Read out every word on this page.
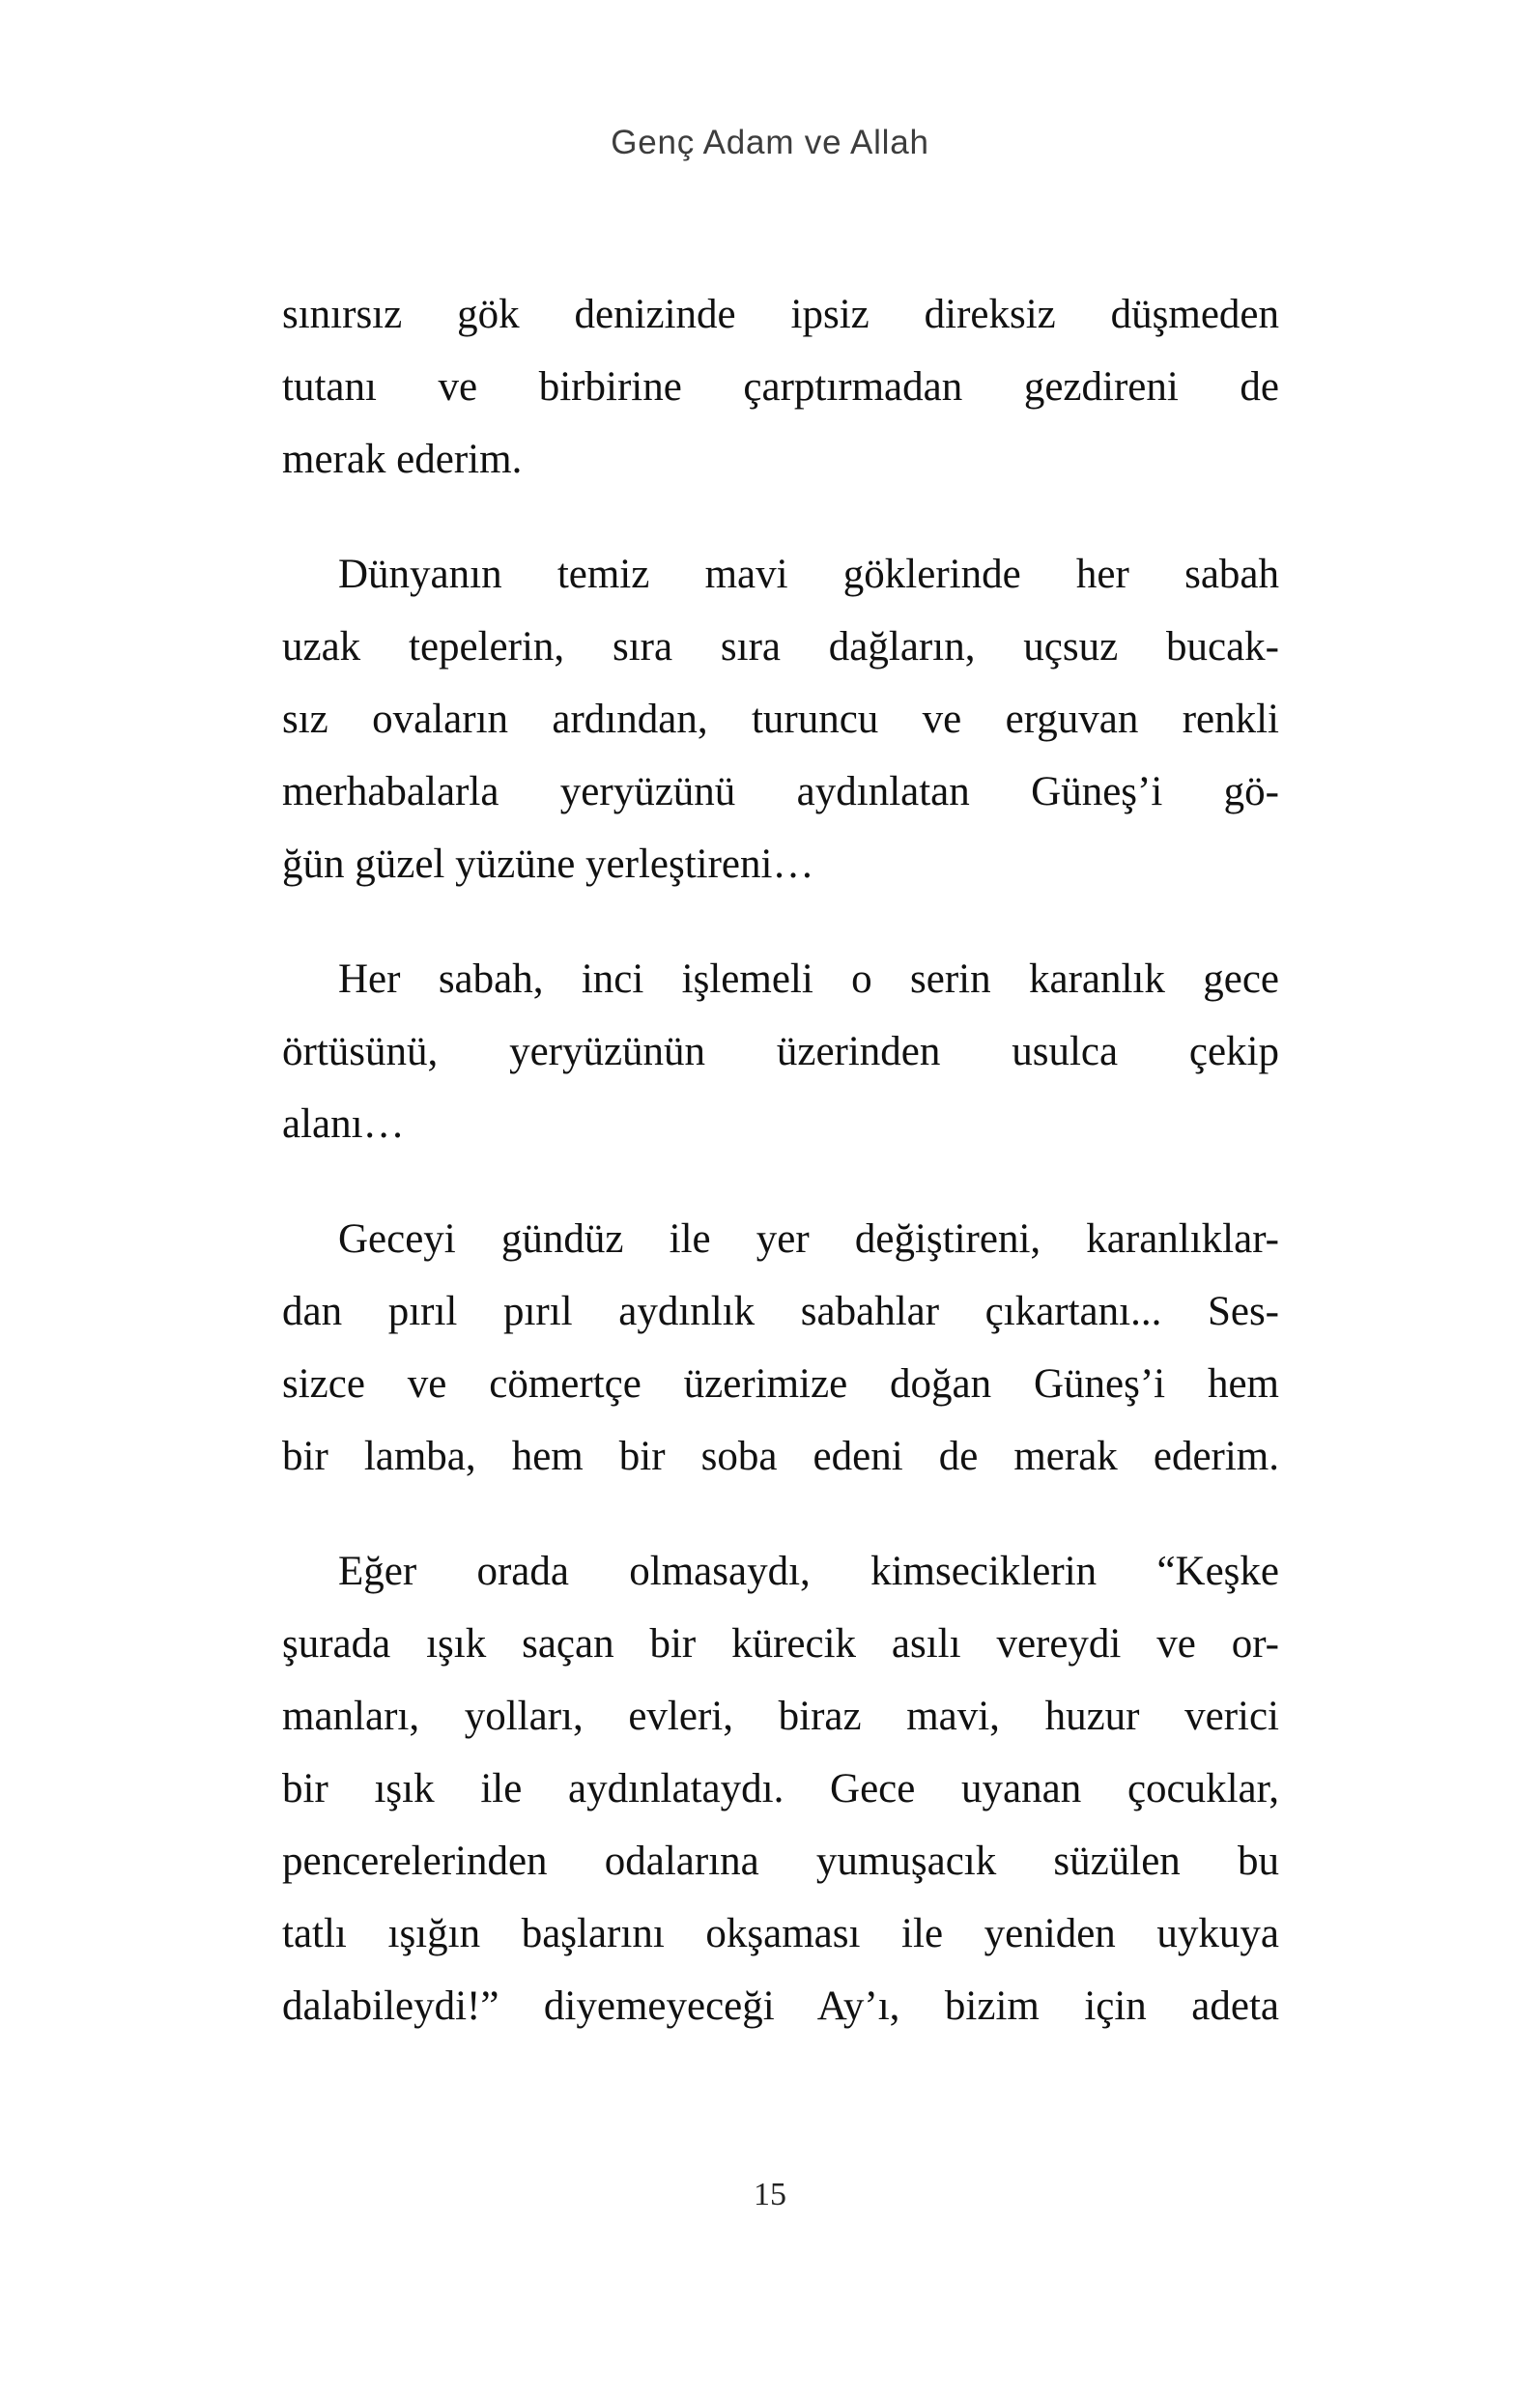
Genç Adam ve Allah

sınırsız gök denizinde ipsiz direksiz düşmeden
tutanı ve birbirine çarptırmadan gezdireni de
merak ederim.

Dünyanın temiz mavi göklerinde her sabah
uzak tepelerin, sıra sıra dağların, uçsuz bucak-
sız ovaların ardından, turuncu ve erguvan renkli
merhabalarla yeryüzünü aydınlatan Güneş’i gö-
ğün güzel yüzüne yerleştireni…

Her sabah, inci işlemeli o serin karanlık gece
örtüsünü, yeryüzünün üzerinden usulca çekip
alanı…

Geceyi gündüz ile yer değiştireni, karanlıklar-
dan pırıl pırıl aydınlık sabahlar çıkartanı... Ses-
sizce ve cömertçe üzerimize doğan Güneş’i hem
bir lamba, hem bir soba edeni de merak ederim.

Eğer orada olmasaydı, kimseciklerin “Keşke
şurada ışık saçan bir kürecik asılı vereydi ve or-
manları, yolları, evleri, biraz mavi, huzur verici
bir ışık ile aydınlataydı. Gece uyanan çocuklar,
pencerelerinden odalarına yumuşacık süzülen bu
tatlı ışığın başlarını okşaması ile yeniden uykuya
dalabileydi!” diyemeyeceği Ay’ı, bizim için adeta

15
